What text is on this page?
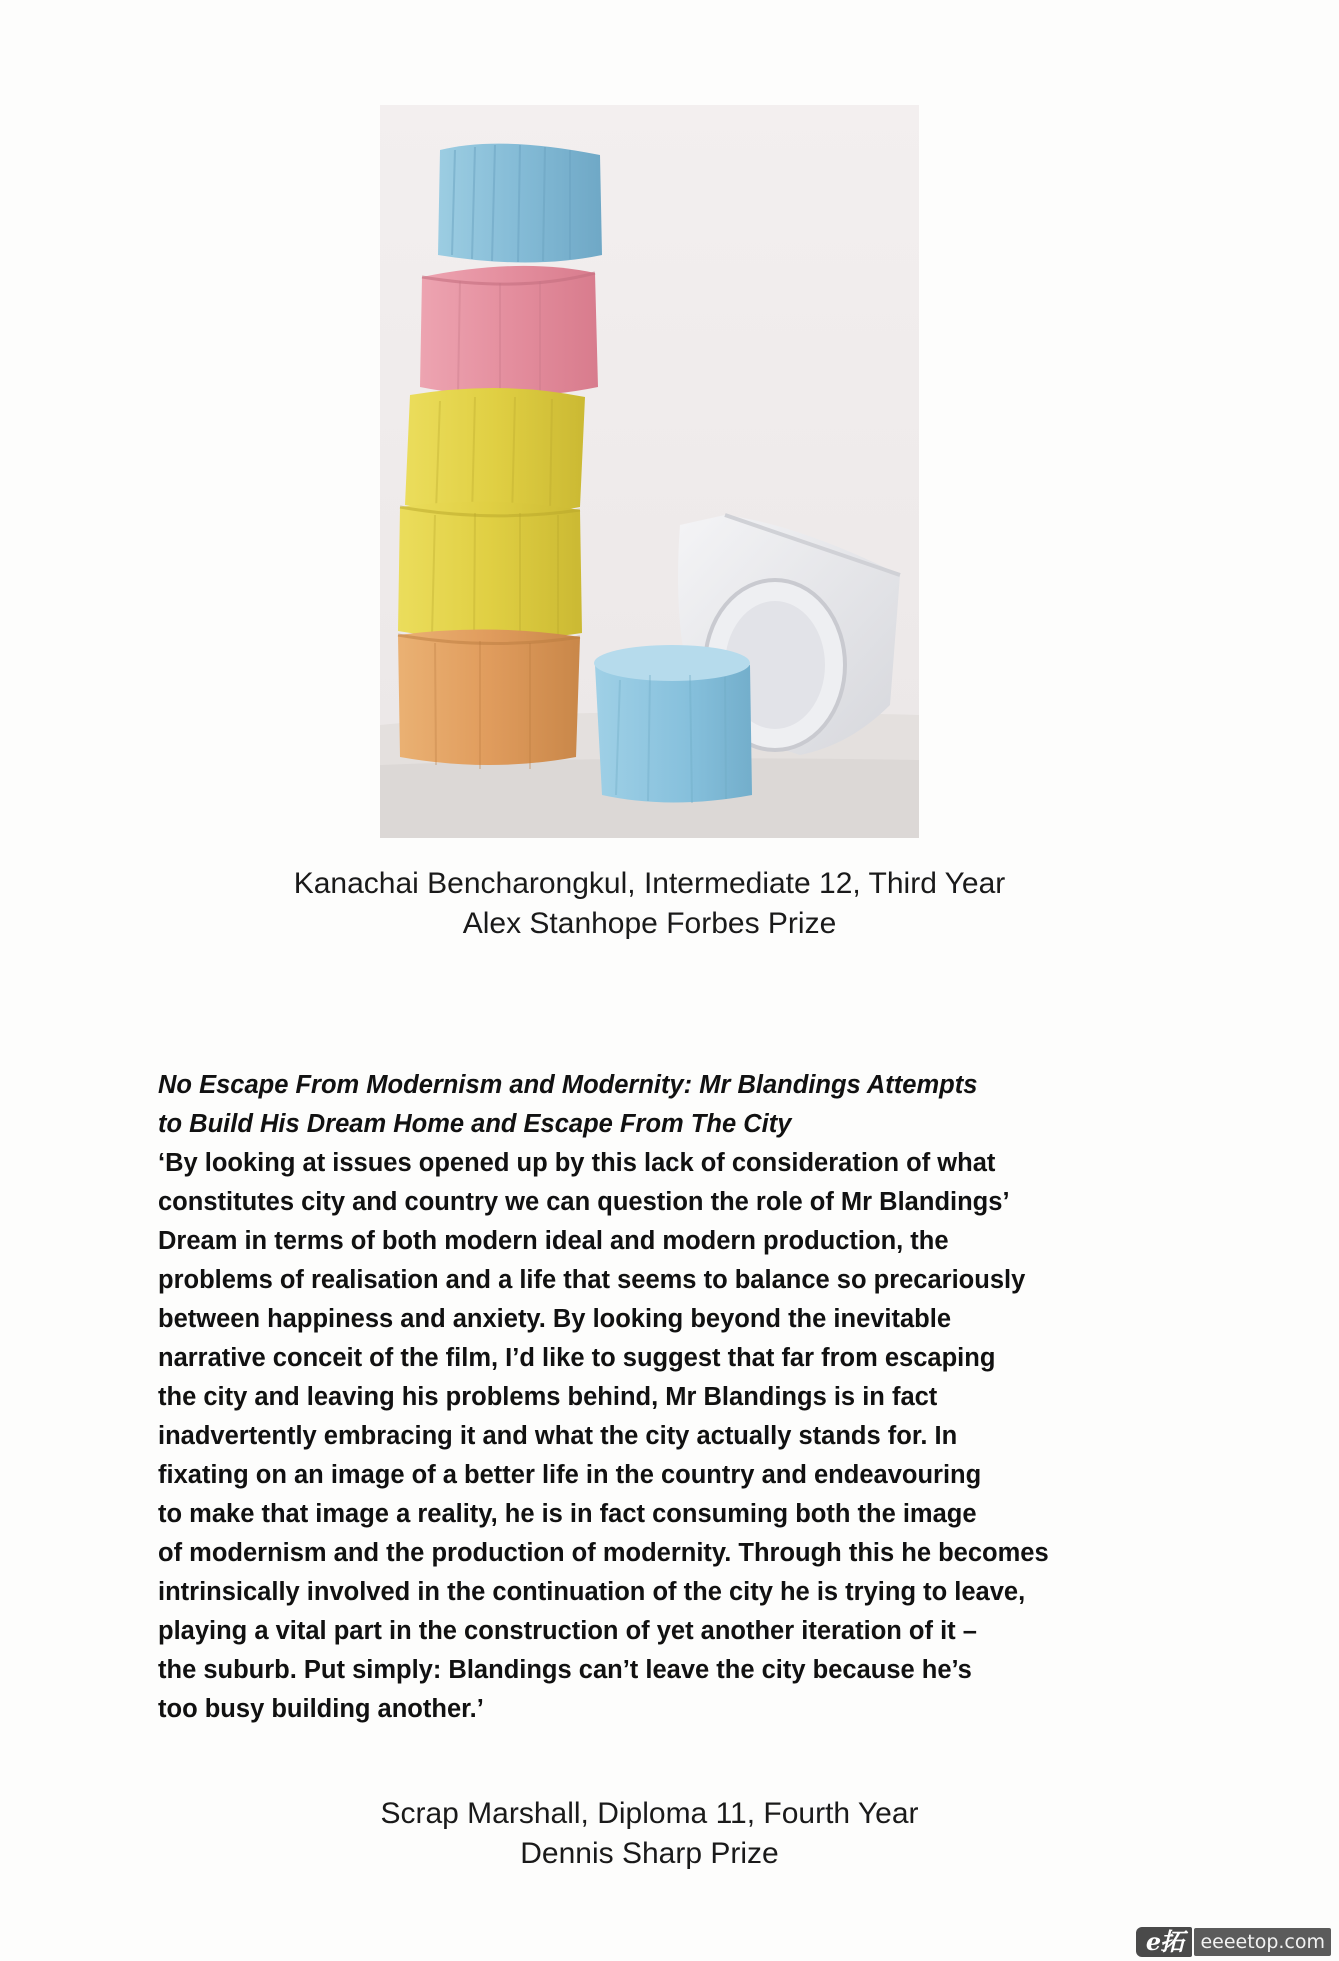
Kanachai Bencharongkul, Intermediate 12, Third Year
Alex Stanhope Forbes Prize
No Escape From Modernism and Modernity: Mr Blandings Attempts
to Build His Dream Home and Escape From The City
‘By looking at issues opened up by this lack of consideration of what
constitutes city and country we can question the role of Mr Blandings’
Dream in terms of both modern ideal and modern production, the
problems of realisation and a life that seems to balance so precariously
between happiness and anxiety. By looking beyond the inevitable
narrative conceit of the film, I’d like to suggest that far from escaping
the city and leaving his problems behind, Mr Blandings is in fact
inadvertently embracing it and what the city actually stands for. In
fixating on an image of a better life in the country and endeavouring
to make that image a reality, he is in fact consuming both the image
of modernism and the production of modernity. Through this he becomes
intrinsically involved in the continuation of the city he is trying to leave,
playing a vital part in the construction of yet another iteration of it –
the suburb. Put simply: Blandings can’t leave the city because he’s
too busy building another.’
Scrap Marshall, Diploma 11, Fourth Year
Dennis Sharp Prize
e拓 eeeetop.com
